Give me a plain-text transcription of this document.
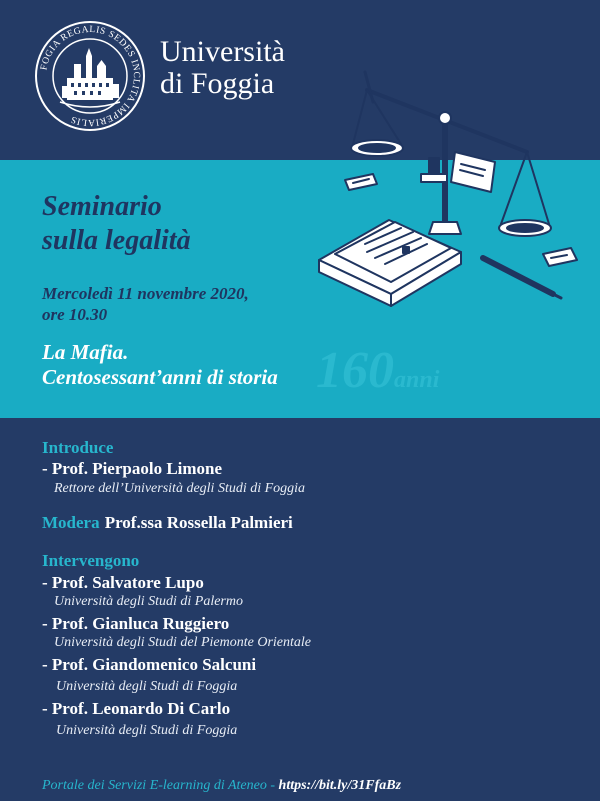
FOGIA REGALIS SEDES INCLITA IMPERIALIS
Università
di Foggia
Seminario
sulla legalità
Mercoledì 11 novembre 2020,
ore 10.30
160anni
La Mafia.
Centosessant’anni di storia
Introduce
- Prof. Pierpaolo Limone
Rettore dell’Università degli Studi di Foggia
Modera Prof.ssa Rossella Palmieri
Intervengono
- Prof. Salvatore Lupo
Università degli Studi di Palermo
- Prof. Gianluca Ruggiero
Università degli Studi del Piemonte Orientale
- Prof. Giandomenico Salcuni
Università degli Studi di Foggia
- Prof. Leonardo Di Carlo
Università degli Studi di Foggia
Portale dei Servizi E-learning di Ateneo - https://bit.ly/31FfaBz
